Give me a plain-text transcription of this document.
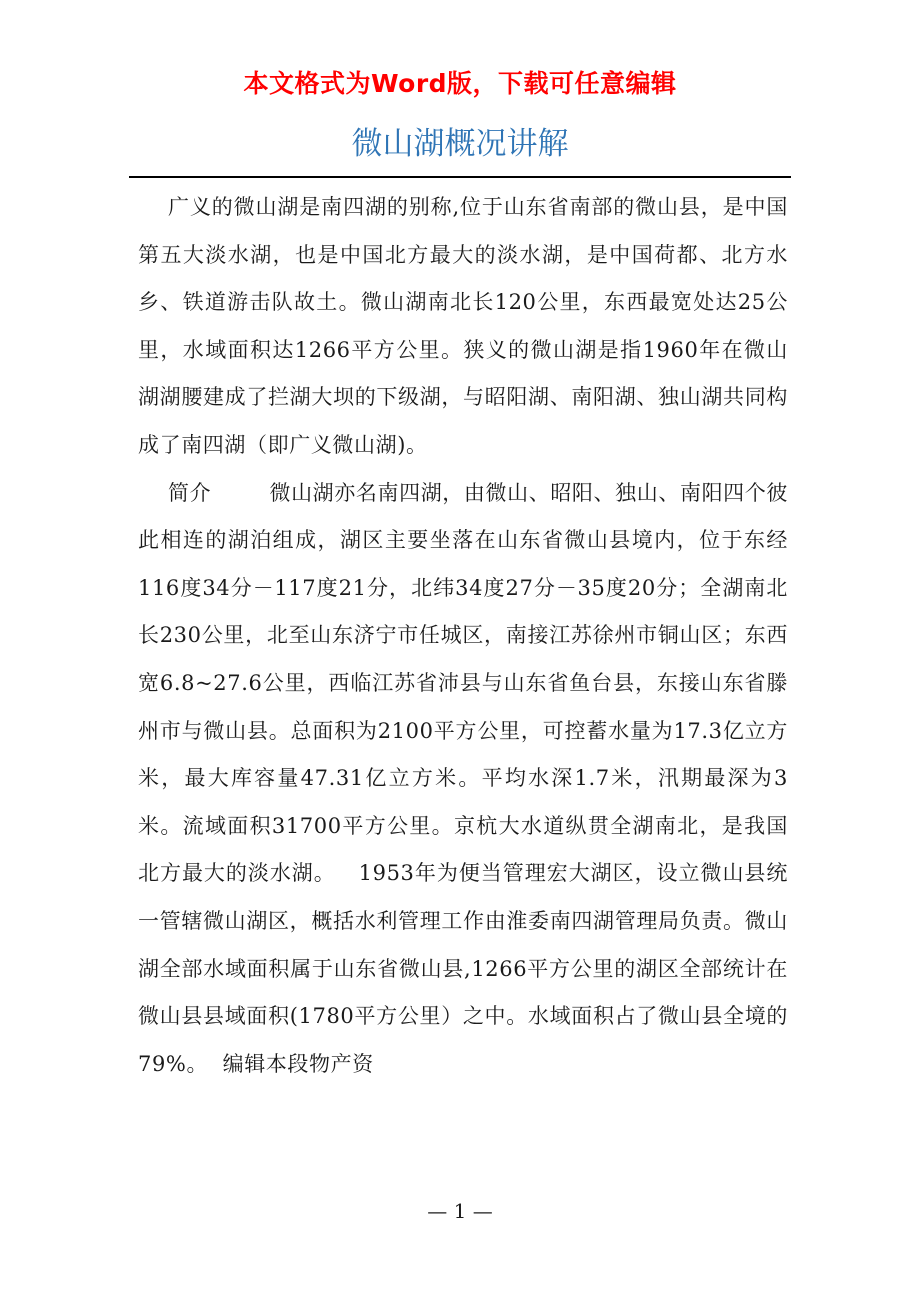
本文格式为Word版，下载可任意编辑
微山湖概况讲解

广义的微山湖是南四湖的别称,位于山东省南部的微山县，是中国第五大淡水湖，也是中国北方最大的淡水湖，是中国荷都、北方水乡、铁道游击队故土。微山湖南北长120公里，东西最宽处达25公里，水域面积达1266平方公里。狭义的微山湖是指1960年在微山湖湖腰建成了拦湖大坝的下级湖，与昭阳湖、南阳湖、独山湖共同构成了南四湖（即广义微山湖)。

简介        微山湖亦名南四湖，由微山、昭阳、独山、南阳四个彼此相连的湖泊组成，湖区主要坐落在山东省微山县境内，位于东经116度34分－117度21分，北纬34度27分－35度20分；全湖南北长230公里，北至山东济宁市任城区，南接江苏徐州市铜山区；东西宽6.8~27.6公里，西临江苏省沛县与山东省鱼台县，东接山东省滕州市与微山县。总面积为2100平方公里，可控蓄水量为17.3亿立方米，最大库容量47.31亿立方米。平均水深1.7米，汛期最深为3米。流域面积31700平方公里。京杭大水道纵贯全湖南北，是我国北方最大的淡水湖。   1953年为便当管理宏大湖区，设立微山县统一管辖微山湖区，概括水利管理工作由淮委南四湖管理局负责。微山湖全部水域面积属于山东省微山县,1266平方公里的湖区全部统计在微山县县域面积(1780平方公里）之中。水域面积占了微山县全境的79%。  编辑本段物产资

— 1 —
